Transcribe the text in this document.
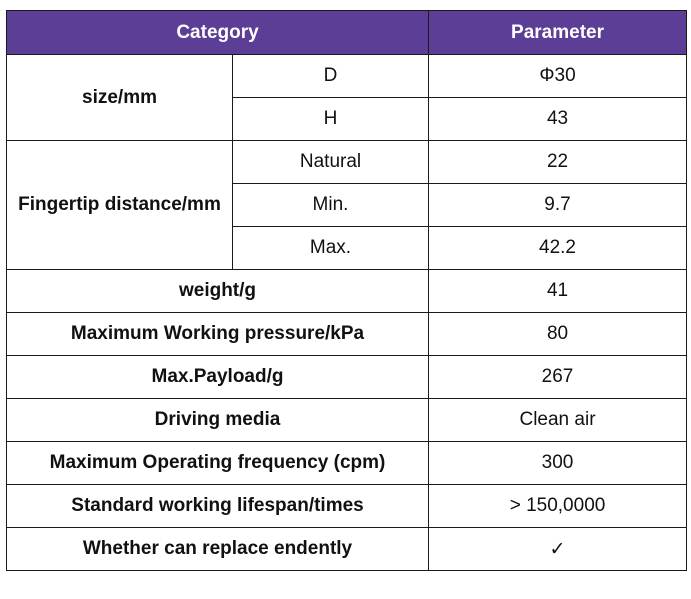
Category		Parameter
size/mm	D	Φ30
	H	43
Fingertip distance/mm	Natural	22
	Min.	9.7
	Max.	42.2
weight/g		41
Maximum Working pressure/kPa		80
Max.Payload/g		267
Driving media		Clean air
Maximum Operating frequency (cpm)		300
Standard working lifespan/times		> 150,0000
Whether can replace endently		✓
